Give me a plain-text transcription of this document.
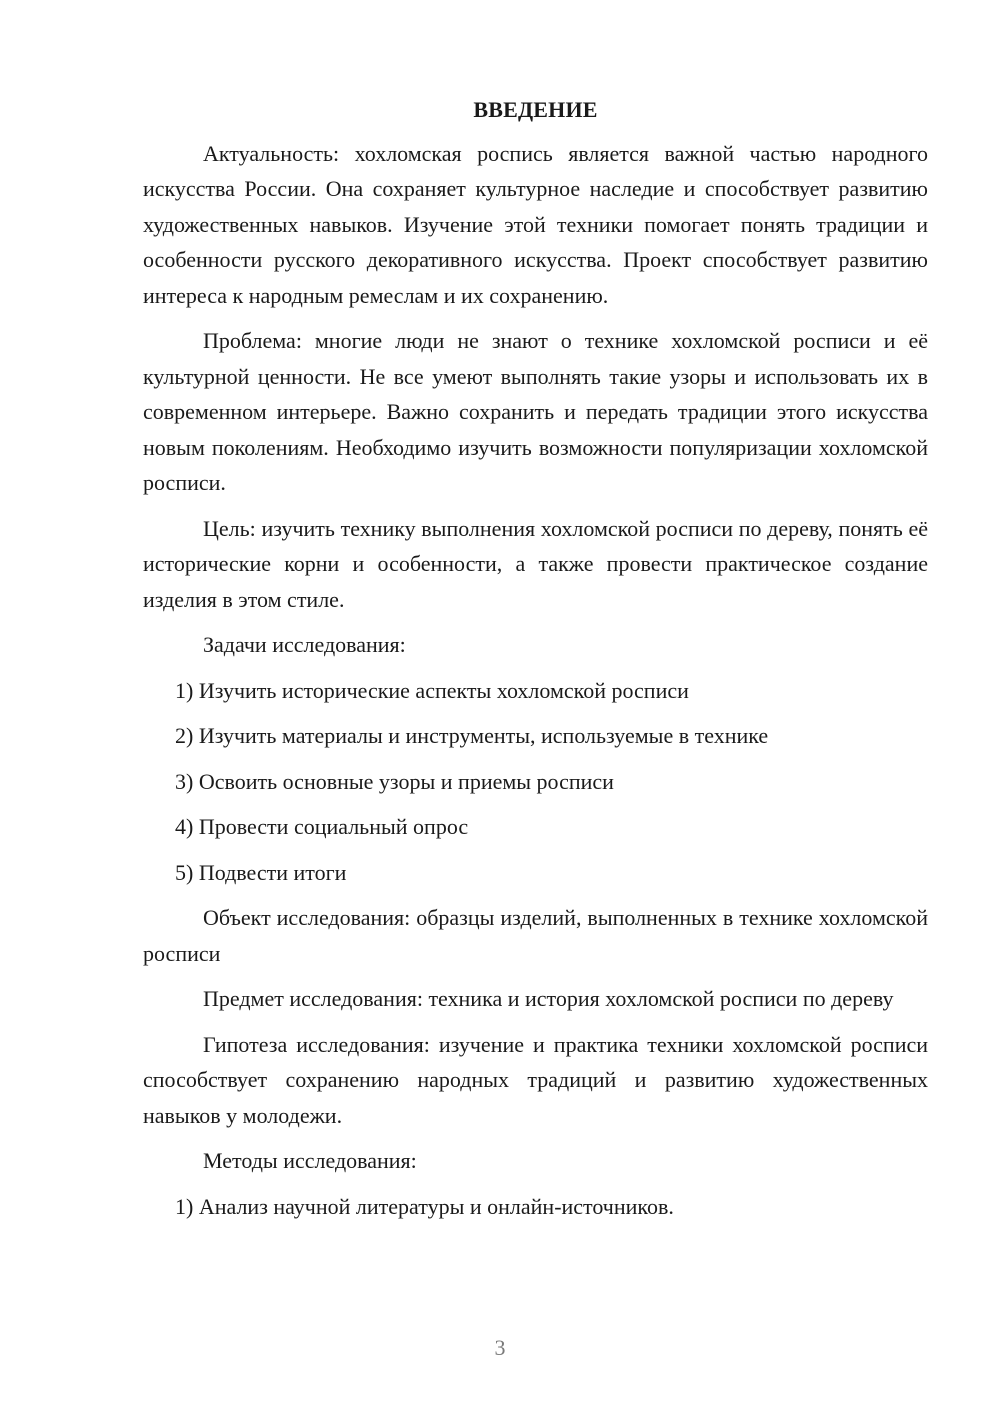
ВВЕДЕНИЕ

Актуальность: хохломская роспись является важной частью народного искусства России. Она сохраняет культурное наследие и способствует развитию художественных навыков. Изучение этой техники помогает понять традиции и особенности русского декоративного искусства. Проект способствует развитию интереса к народным ремеслам и их сохранению.

Проблема: многие люди не знают о технике хохломской росписи и её культурной ценности. Не все умеют выполнять такие узоры и использовать их в современном интерьере. Важно сохранить и передать традиции этого искусства новым поколениям. Необходимо изучить возможности популяризации хохломской росписи.

Цель: изучить технику выполнения хохломской росписи по дереву, понять её исторические корни и особенности, а также провести практическое создание изделия в этом стиле.

Задачи исследования:

1) Изучить исторические аспекты хохломской росписи
2) Изучить материалы и инструменты, используемые в технике
3) Освоить основные узоры и приемы росписи
4) Провести социальный опрос
5) Подвести итоги

Объект исследования: образцы изделий, выполненных в технике хохломской росписи

Предмет исследования: техника и история хохломской росписи по дереву

Гипотеза исследования: изучение и практика техники хохломской росписи способствует сохранению народных традиций и развитию художественных навыков у молодежи.

Методы исследования:

1) Анализ научной литературы и онлайн-источников.
3
